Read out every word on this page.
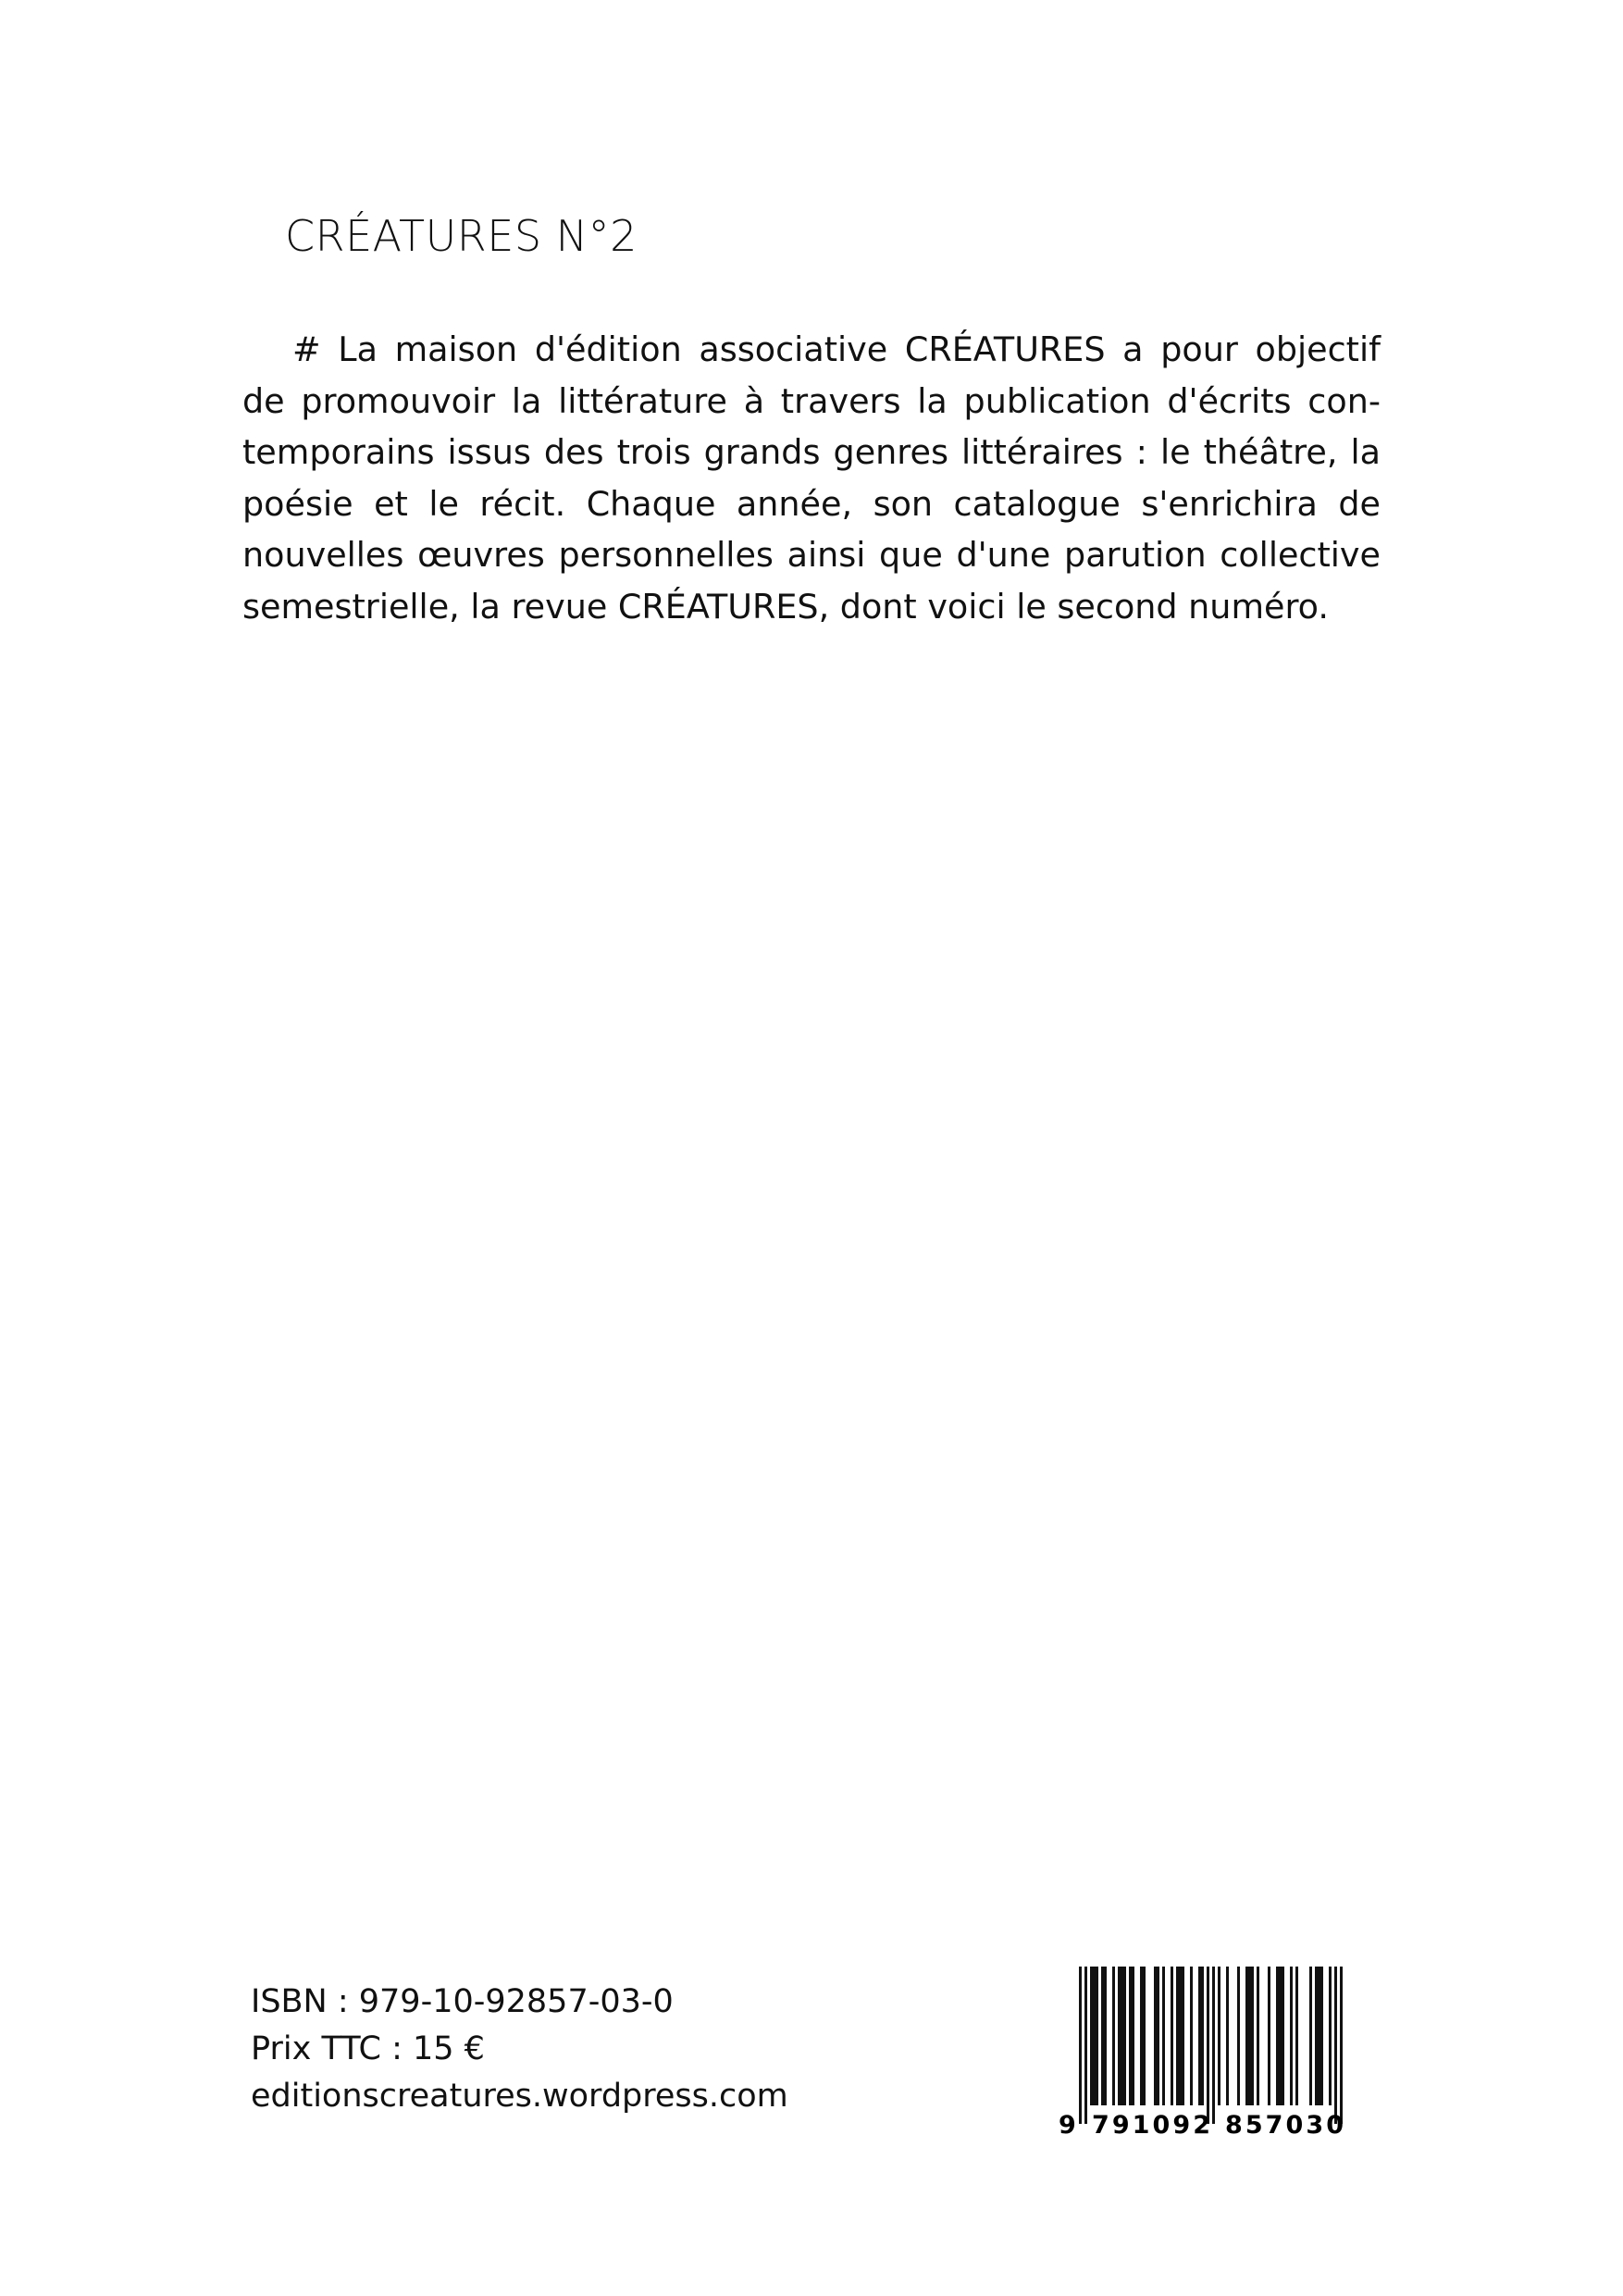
CRÉATURES N°2

# La maison d'édition associative CRÉATURES a pour objectif
de promouvoir la littérature à travers la publication d'écrits con-
temporains issus des trois grands genres littéraires : le théâtre, la
poésie et le récit. Chaque année, son catalogue s'enrichira de
nouvelles œuvres personnelles ainsi que d'une parution collective
semestrielle, la revue CRÉATURES, dont voici le second numéro.

ISBN : 979-10-92857-03-0
Prix TTC : 15 €
editionscreatures.wordpress.com
9 791092 857030
